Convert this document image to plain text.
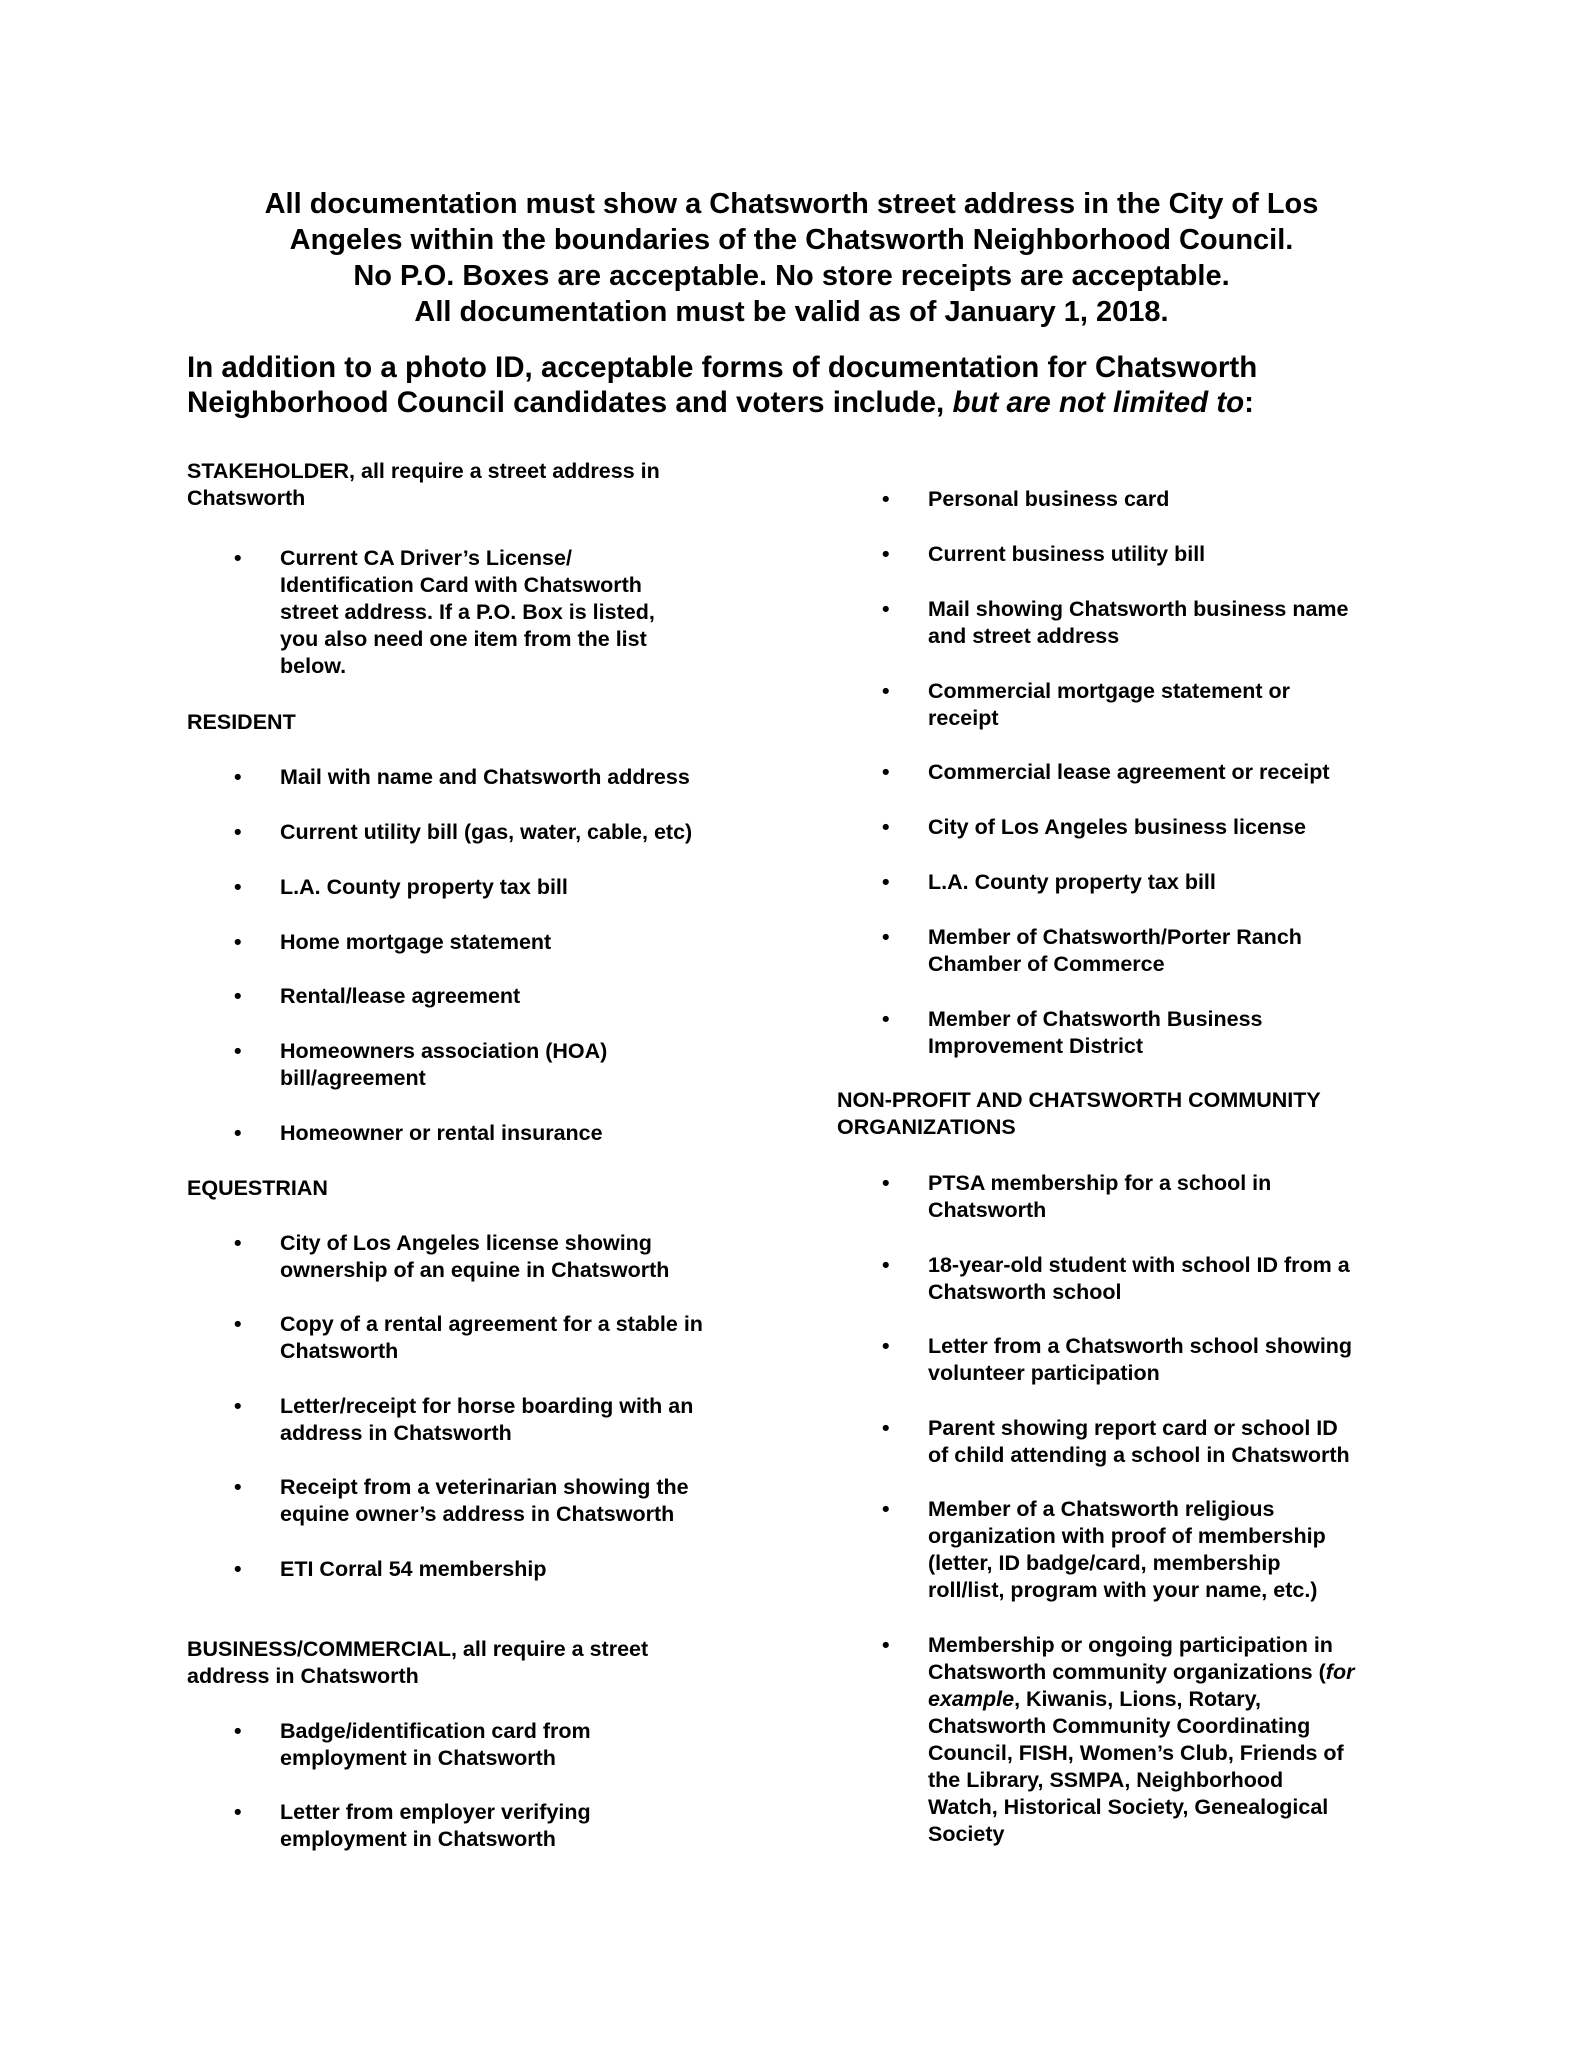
All documentation must show a Chatsworth street address in the City of Los
Angeles within the boundaries of the Chatsworth Neighborhood Council.
No P.O. Boxes are acceptable. No store receipts are acceptable.
All documentation must be valid as of January 1, 2018.
In addition to a photo ID, acceptable forms of documentation for Chatsworth
Neighborhood Council candidates and voters include, but are not limited to:
STAKEHOLDER, all require a street address in
Chatsworth
•	Current CA Driver’s License/
Identification Card with Chatsworth
street address. If a P.O. Box is listed,
you also need one item from the list
below.
RESIDENT
•	Mail with name and Chatsworth address
•	Current utility bill (gas, water, cable, etc)
•	L.A. County property tax bill
•	Home mortgage statement
•	Rental/lease agreement
•	Homeowners association (HOA)
bill/agreement
•	Homeowner or rental insurance
EQUESTRIAN
•	City of Los Angeles license showing
ownership of an equine in Chatsworth
•	Copy of a rental agreement for a stable in
Chatsworth
•	Letter/receipt for horse boarding with an
address in Chatsworth
•	Receipt from a veterinarian showing the
equine owner’s address in Chatsworth
•	ETI Corral 54 membership
BUSINESS/COMMERCIAL, all require a street
address in Chatsworth
•	Badge/identification card from
employment in Chatsworth
•	Letter from employer verifying
employment in Chatsworth
•	Personal business card
•	Current business utility bill
•	Mail showing Chatsworth business name
and street address
•	Commercial mortgage statement or
receipt
•	Commercial lease agreement or receipt
•	City of Los Angeles business license
•	L.A. County property tax bill
•	Member of Chatsworth/Porter Ranch
Chamber of Commerce
•	Member of Chatsworth Business
Improvement District
NON-PROFIT AND CHATSWORTH COMMUNITY
ORGANIZATIONS
•	PTSA membership for a school in
Chatsworth
•	18-year-old student with school ID from a
Chatsworth school
•	Letter from a Chatsworth school showing
volunteer participation
•	Parent showing report card or school ID
of child attending a school in Chatsworth
•	Member of a Chatsworth religious
organization with proof of membership
(letter, ID badge/card, membership
roll/list, program with your name, etc.)
•	Membership or ongoing participation in
Chatsworth community organizations (for
example, Kiwanis, Lions, Rotary,
Chatsworth Community Coordinating
Council, FISH, Women’s Club, Friends of
the Library, SSMPA, Neighborhood
Watch, Historical Society, Genealogical
Society
